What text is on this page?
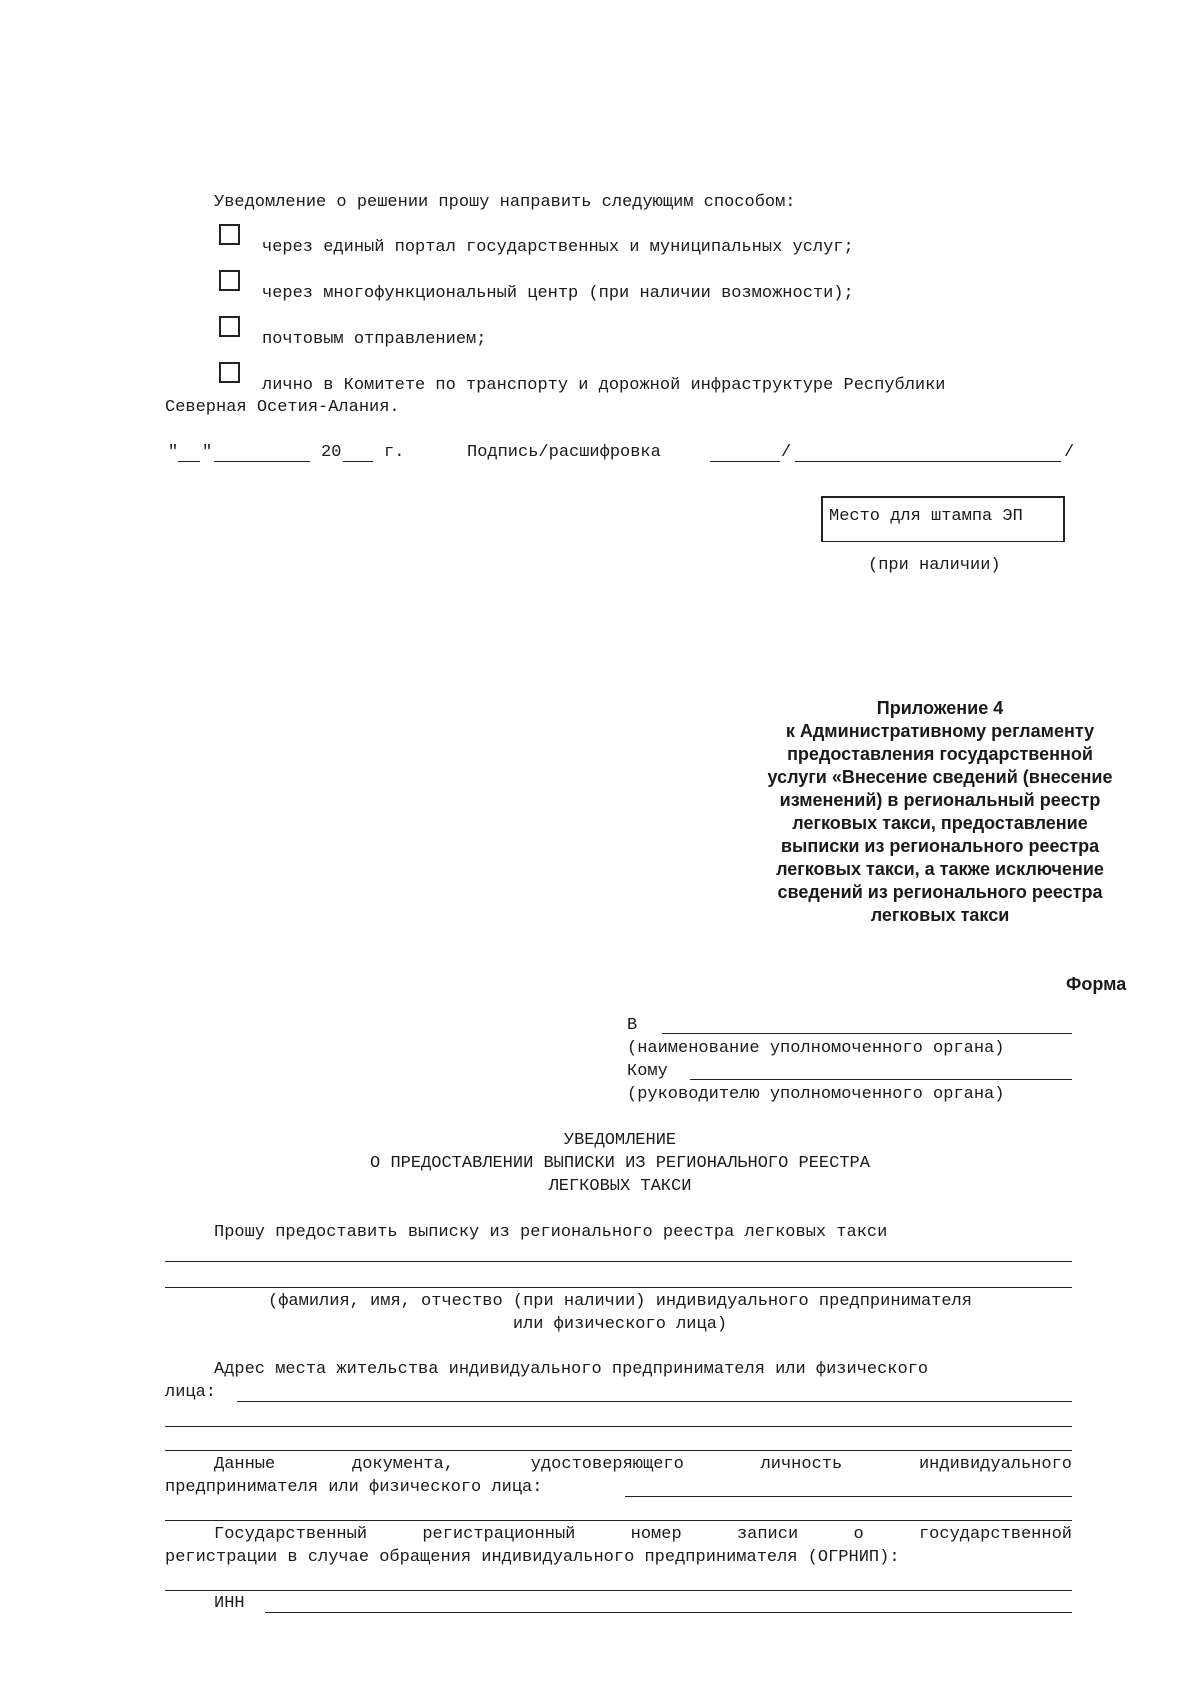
Уведомление о решении прошу направить следующим способом:
через единый портал государственных и муниципальных услуг;
через многофункциональный центр (при наличии возможности);
почтовым отправлением;
лично в Комитете по транспорту и дорожной инфраструктуре Республики
Северная Осетия-Алания.
" "	20	г.	Подпись/расшифровка	/	/
Место для штампа ЭП
(при наличии)
Приложение 4
к Административному регламенту
предоставления государственной
услуги «Внесение сведений (внесение
изменений) в региональный реестр
легковых такси, предоставление
выписки из регионального реестра
легковых такси, а также исключение
сведений из регионального реестра
легковых такси
Форма
В
(наименование уполномоченного органа)
Кому
(руководителю уполномоченного органа)
УВЕДОМЛЕНИЕ
О ПРЕДОСТАВЛЕНИИ ВЫПИСКИ ИЗ РЕГИОНАЛЬНОГО РЕЕСТРА
ЛЕГКОВЫХ ТАКСИ
Прошу предоставить выписку из регионального реестра легковых такси
(фамилия, имя, отчество (при наличии) индивидуального предпринимателя
или физического лица)
Адрес места жительства индивидуального предпринимателя или физического
лица:
Данные документа, удостоверяющего личность индивидуального
предпринимателя или физического лица:
Государственный регистрационный номер записи о государственной
регистрации в случае обращения индивидуального предпринимателя (ОГРНИП):
ИНН
